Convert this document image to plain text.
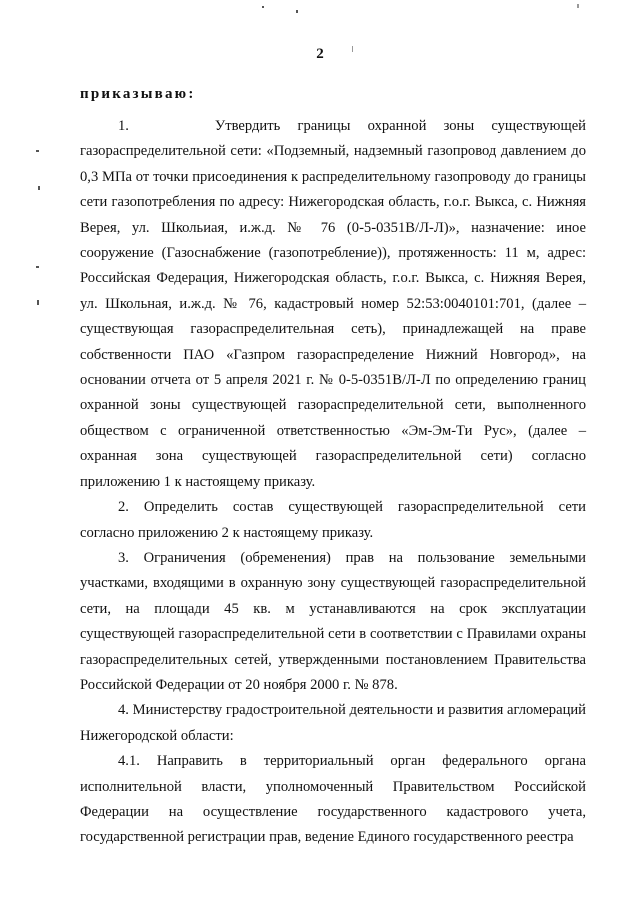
2
приказываю:

1.     Утвердить границы охранной зоны существующей газораспределительной сети: «Подземный, надземный газопровод давлением до 0,3 МПа от точки присоединения к распределительному газопроводу до границы сети газопотребления по адресу: Нижегородская область, г.о.г. Выкса, с. Нижняя Верея, ул. Школьиая, и.ж.д. № 76 (0-5-0351В/Л-Л)», назначение: иное сооружение (Газоснабжение (газопотребление)), протяженность: 11 м, адрес: Российская Федерация, Нижегородская область, г.о.г. Выкса, с. Нижняя Верея, ул. Школьная, и.ж.д. № 76, кадастровый номер 52:53:0040101:701, (далее – существующая газораспределительная сеть), принадлежащей на праве собственности ПАО «Газпром газораспределение Нижний Новгород», на основании отчета от 5 апреля 2021 г. № 0-5-0351В/Л-Л по определению границ охранной зоны существующей газораспределительной сети, выполненного обществом с ограниченной ответственностью «Эм-Эм-Ти Рус», (далее – охранная зона существующей газораспределительной сети) согласно приложению 1 к настоящему приказу.

2. Определить состав существующей газораспределительной сети согласно приложению 2 к настоящему приказу.

3. Ограничения (обременения) прав на пользование земельными участками, входящими в охранную зону существующей газораспределительной сети, на площади 45 кв. м устанавливаются на срок эксплуатации существующей газораспределительной сети в соответствии с Правилами охраны газораспределительных сетей, утвержденными постановлением Правительства Российской Федерации от 20 ноября 2000 г. № 878.

4. Министерству градостроительной деятельности и развития агломераций Нижегородской области:

4.1. Направить в территориальный орган федерального органа исполнительной власти, уполномоченный Правительством Российской Федерации на осуществление государственного кадастрового учета, государственной регистрации прав, ведение Единого государственного реестра
